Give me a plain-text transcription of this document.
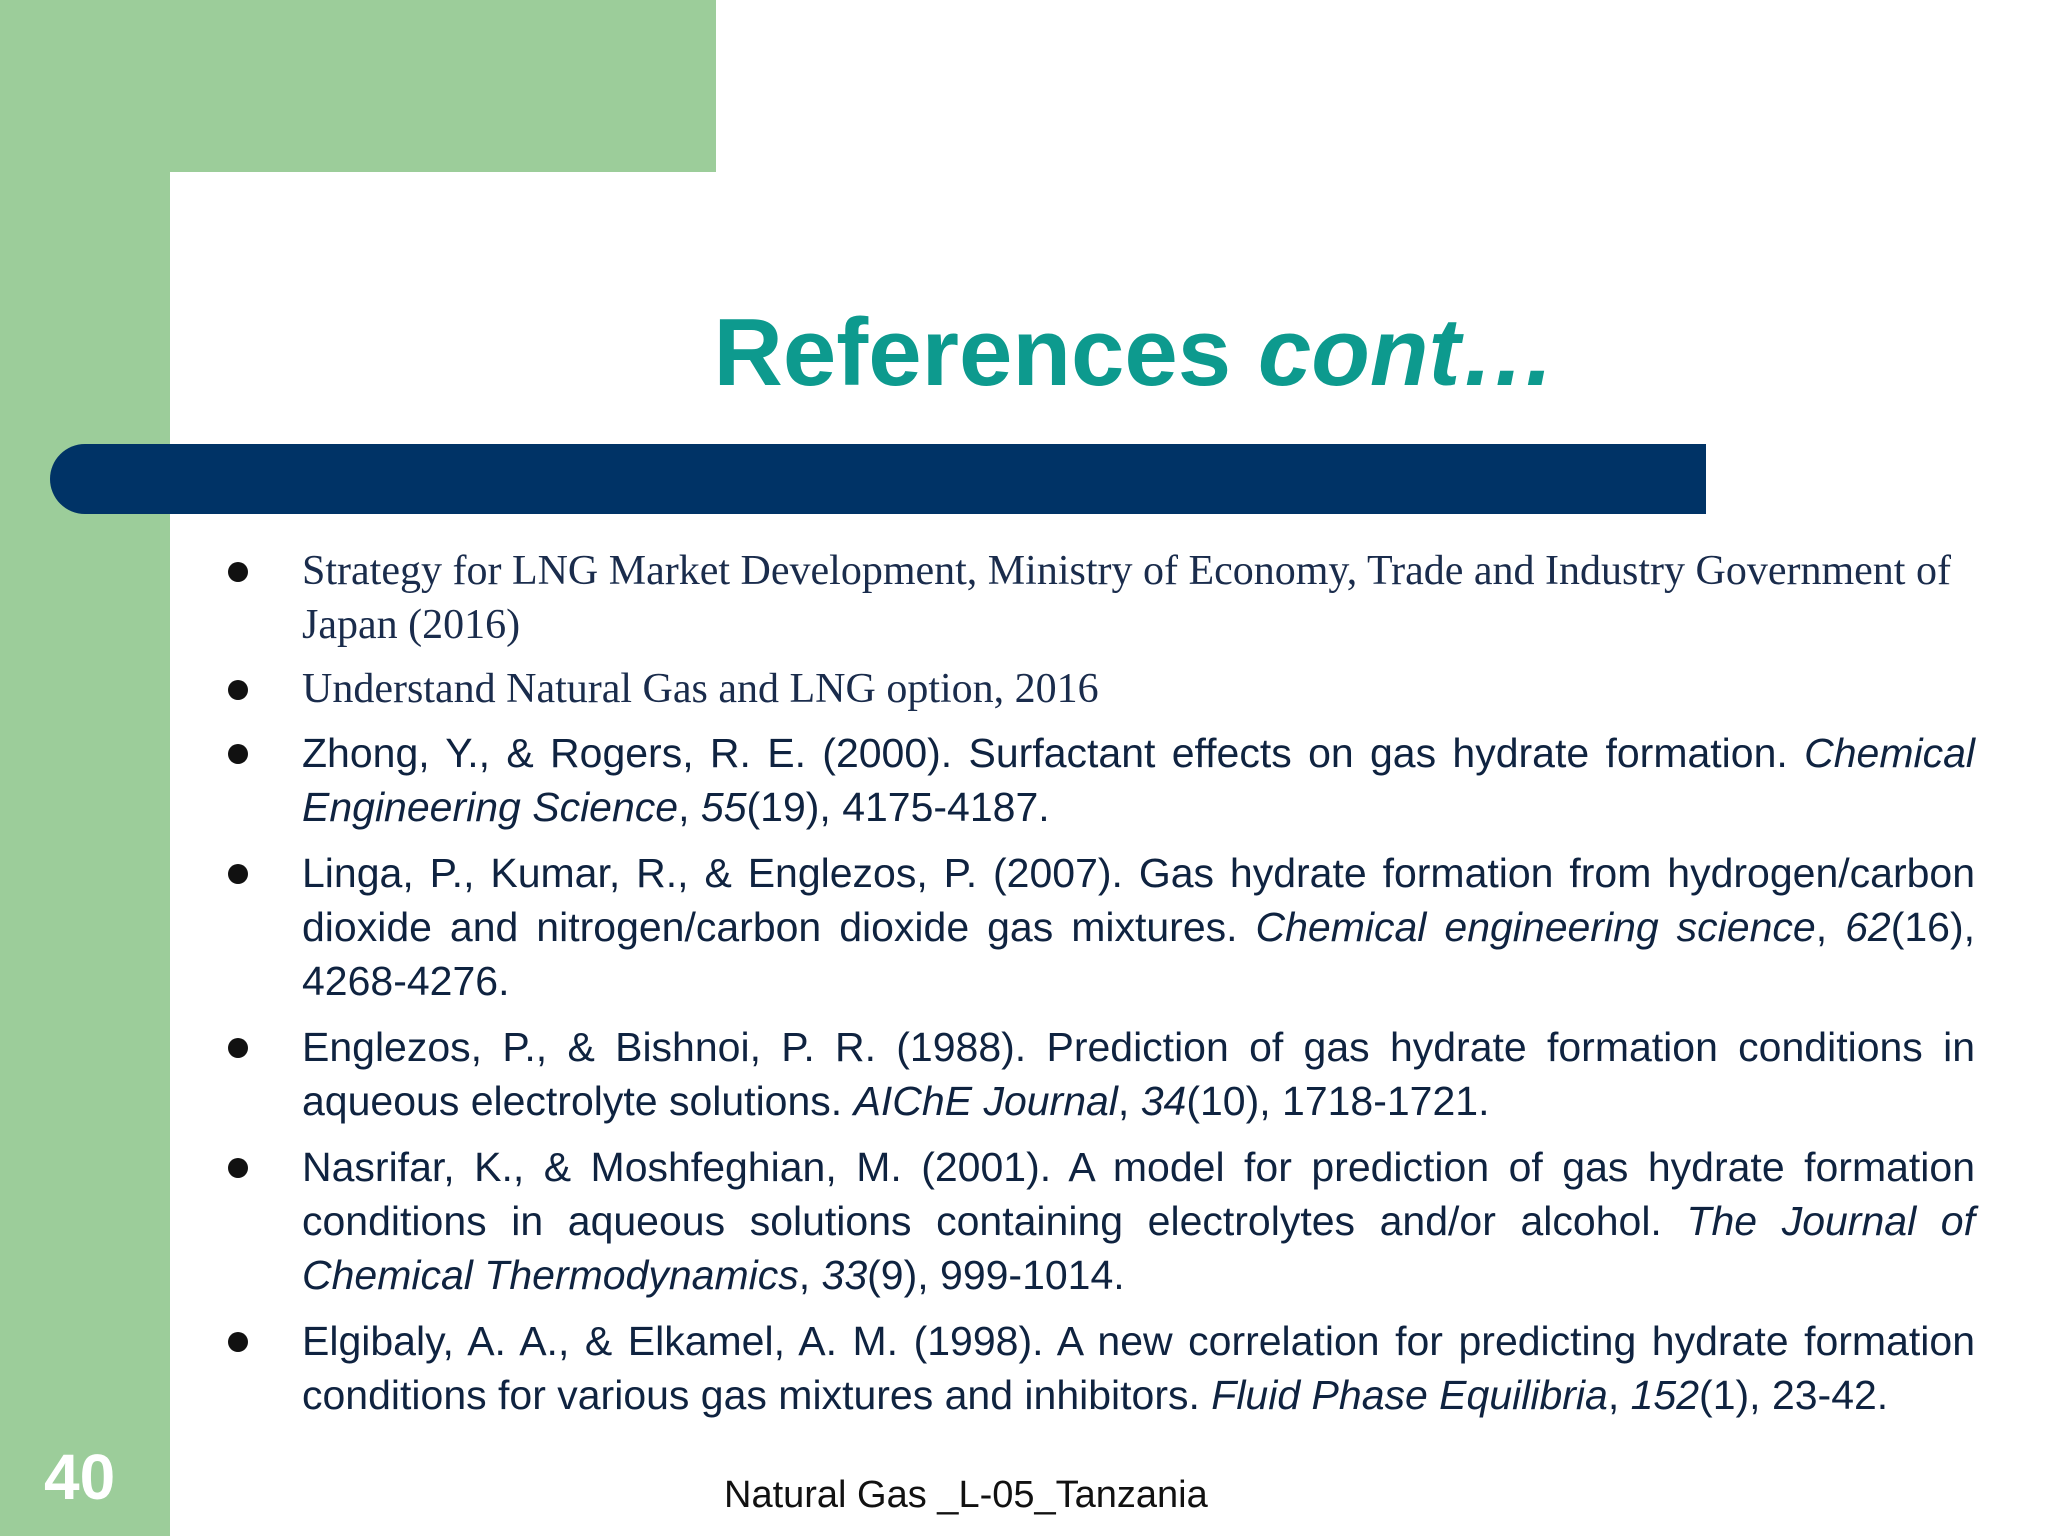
References cont…
Strategy for LNG Market Development, Ministry of Economy, Trade and Industry Government of Japan (2016)
Understand Natural Gas and LNG option, 2016
Zhong, Y., & Rogers, R. E. (2000). Surfactant effects on gas hydrate formation. Chemical Engineering Science, 55(19), 4175-4187.
Linga, P., Kumar, R., & Englezos, P. (2007). Gas hydrate formation from hydrogen/carbon dioxide and nitrogen/carbon dioxide gas mixtures. Chemical engineering science, 62(16), 4268-4276.
Englezos, P., & Bishnoi, P. R. (1988). Prediction of gas hydrate formation conditions in aqueous electrolyte solutions. AIChE Journal, 34(10), 1718-1721.
Nasrifar, K., & Moshfeghian, M. (2001). A model for prediction of gas hydrate formation conditions in aqueous solutions containing electrolytes and/or alcohol. The Journal of Chemical Thermodynamics, 33(9), 999-1014.
Elgibaly, A. A., & Elkamel, A. M. (1998). A new correlation for predicting hydrate formation conditions for various gas mixtures and inhibitors. Fluid Phase Equilibria, 152(1), 23-42.
40	Natural Gas _L-05_Tanzania
